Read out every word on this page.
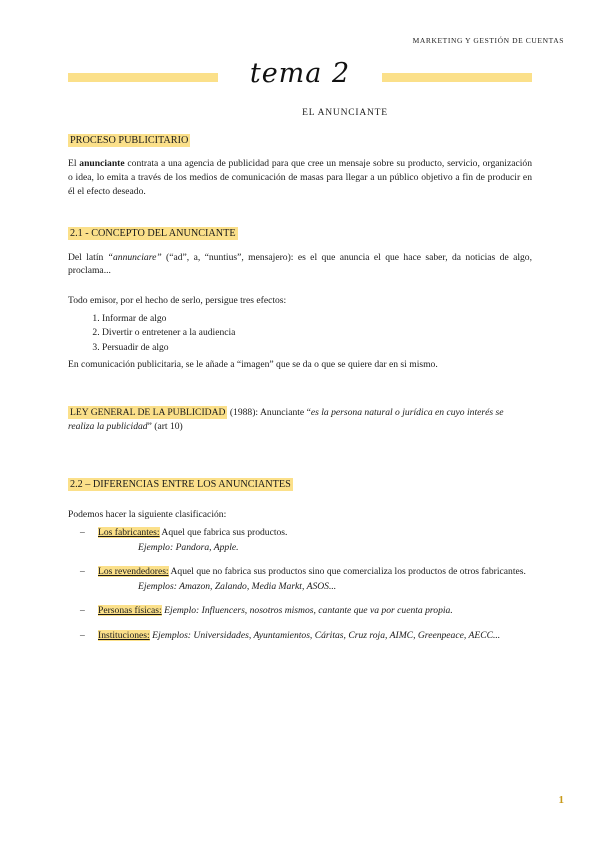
MARKETING Y GESTIÓN DE CUENTAS
tema 2
EL ANUNCIANTE

PROCESO PUBLICITARIO

El anunciante contrata a una agencia de publicidad para que cree un mensaje sobre su producto, servicio, organización o idea, lo emita a través de los medios de comunicación de masas para llegar a un público objetivo a fin de producir en él el efecto deseado.

2.1 - CONCEPTO DEL ANUNCIANTE

Del latín “annunciare” (“ad”, a, “nuntius”, mensajero): es el que anuncia el que hace saber, da noticias de algo, proclama...

Todo emisor, por el hecho de serlo, persigue tres efectos:

1. Informar de algo
2. Divertir o entretener a la audiencia
3. Persuadir de algo

En comunicación publicitaria, se le añade a “imagen” que se da o que se quiere dar en si mismo.

LEY GENERAL DE LA PUBLICIDAD (1988): Anunciante “es la persona natural o jurídica en cuyo interés se realiza la publicidad” (art 10)

2.2 – DIFERENCIAS ENTRE LOS ANUNCIANTES

Podemos hacer la siguiente clasificación:

– Los fabricantes: Aquel que fabrica sus productos.
Ejemplo: Pandora, Apple.
– Los revendedores: Aquel que no fabrica sus productos sino que comercializa los productos de otros fabricantes.
Ejemplos: Amazon, Zalando, Media Markt, ASOS...
– Personas físicas: Ejemplo: Influencers, nosotros mismos, cantante que va por cuenta propia.
– Instituciones: Ejemplos: Universidades, Ayuntamientos, Cáritas, Cruz roja, AIMC, Greenpeace, AECC...
1
